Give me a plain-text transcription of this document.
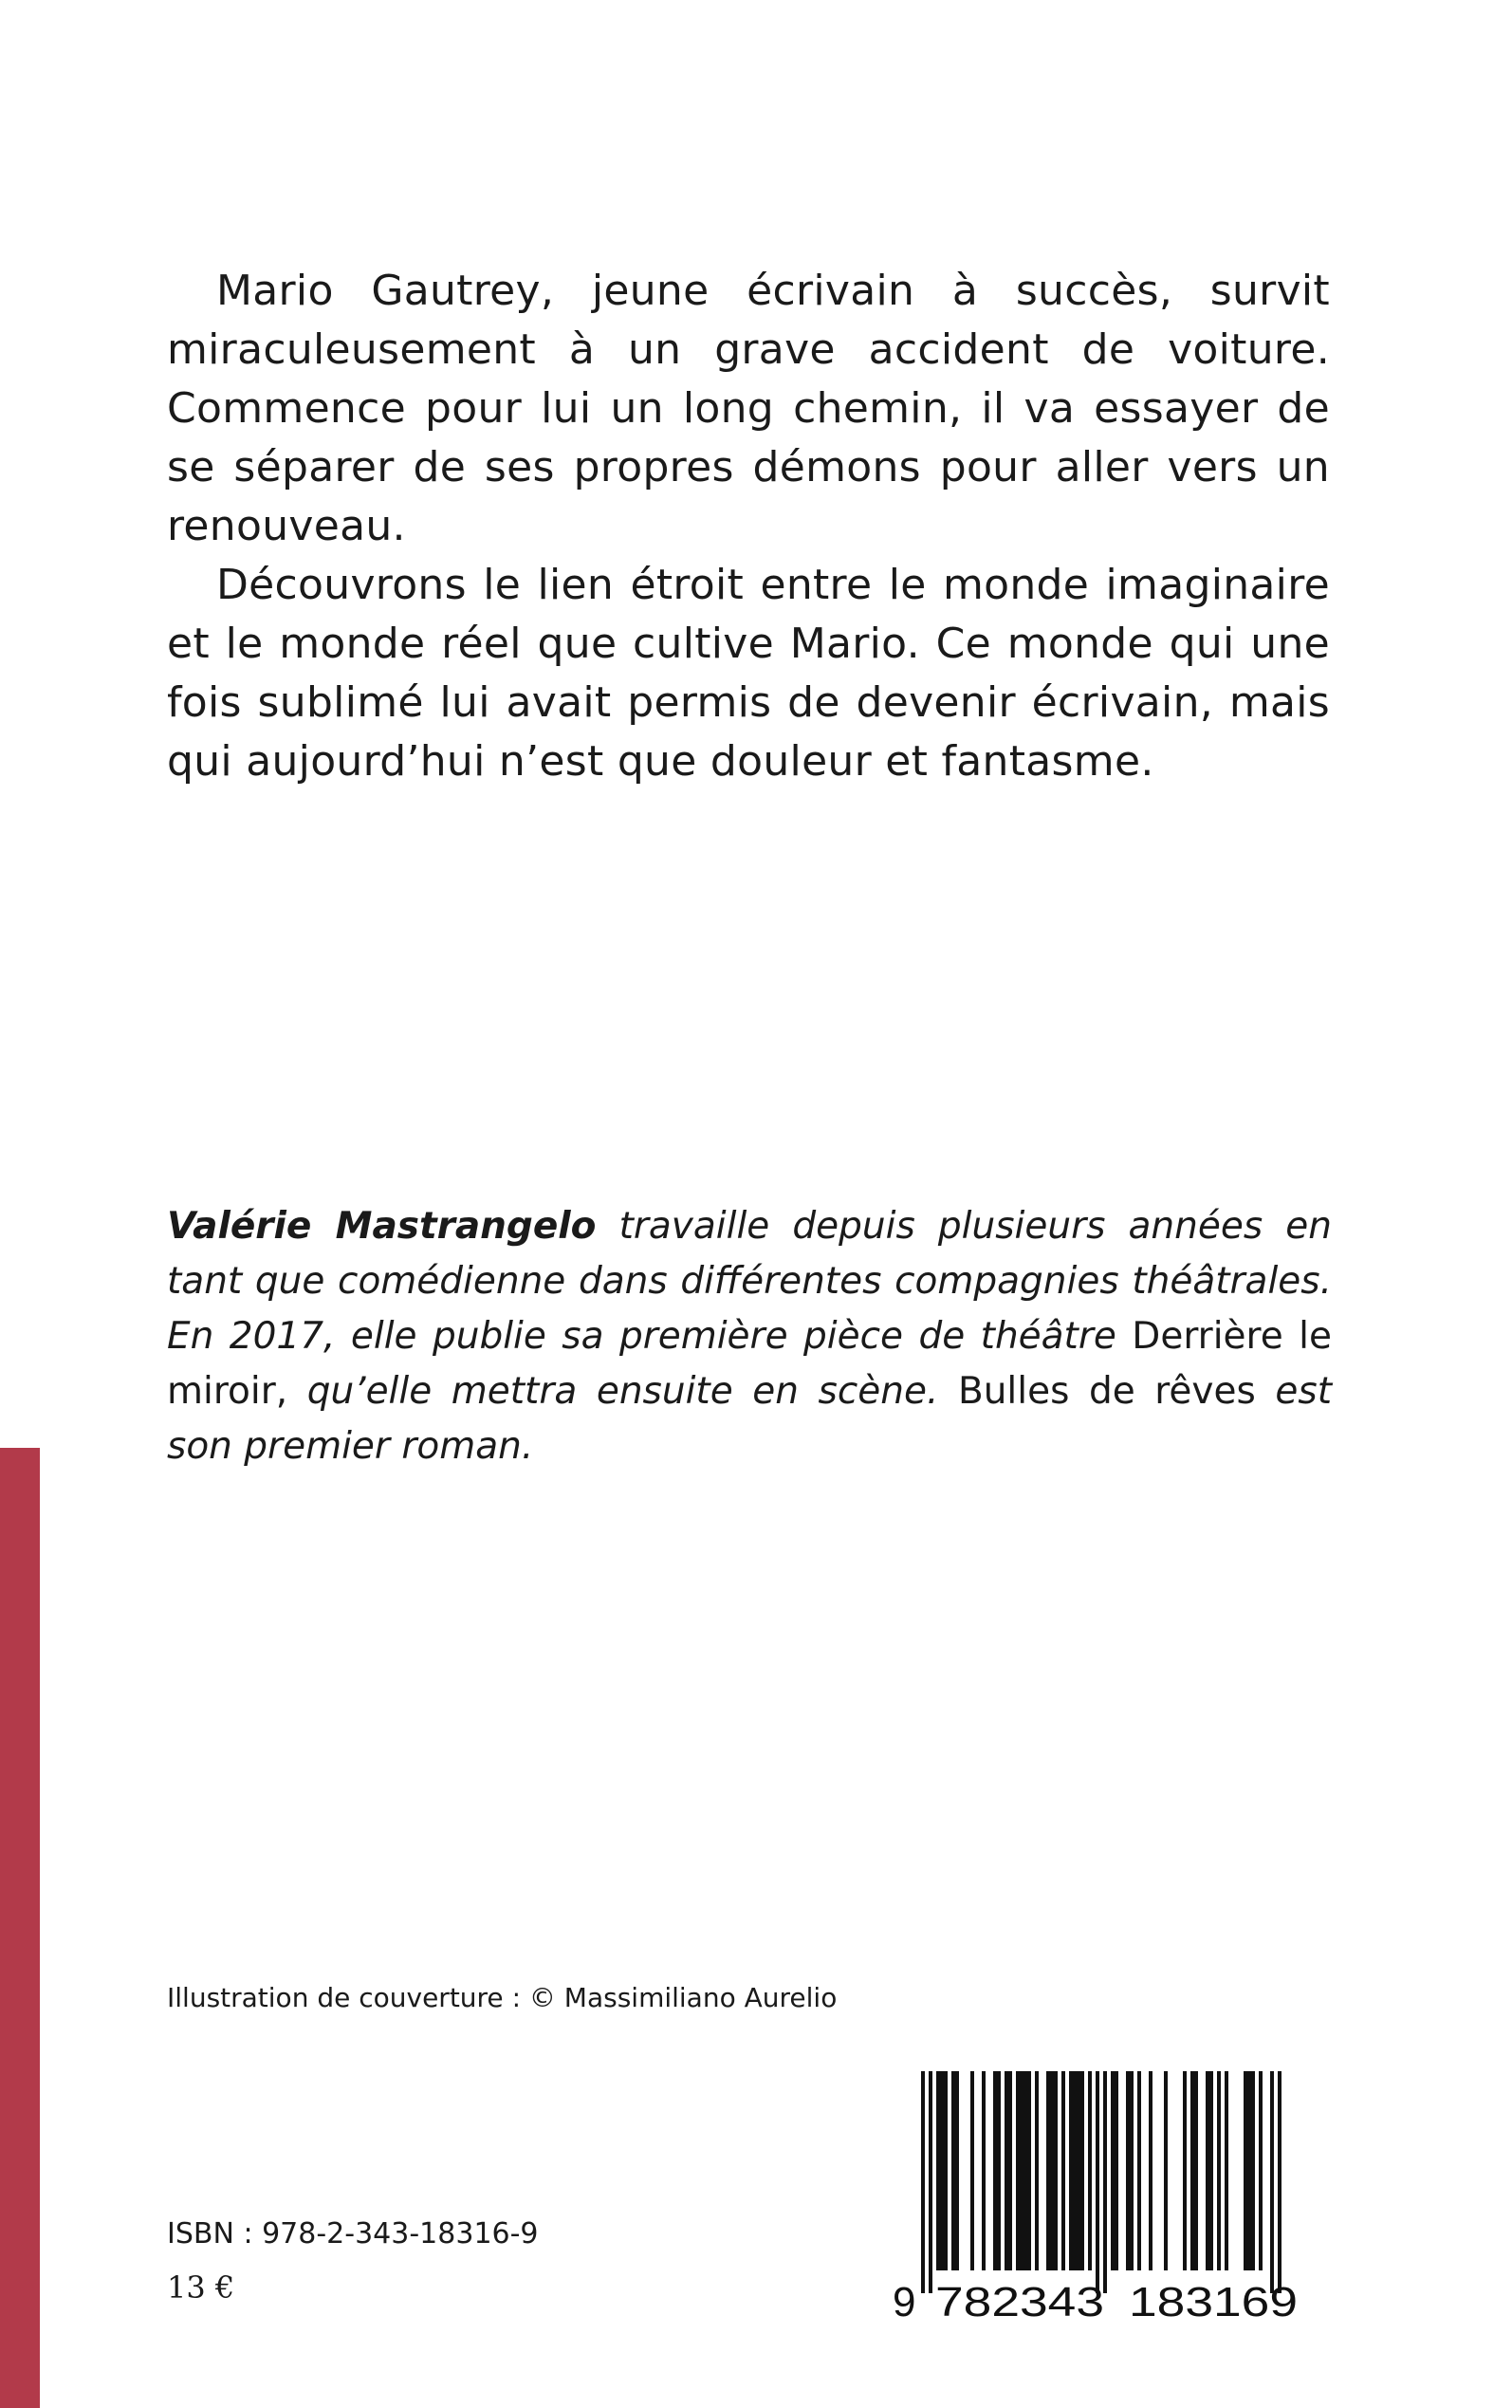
Mario Gautrey, jeune écrivain à succès, survit miraculeusement à un grave accident de voiture. Commence pour lui un long chemin, il va essayer de se séparer de ses propres démons pour aller vers un renouveau.

Découvrons le lien étroit entre le monde imaginaire et le monde réel que cultive Mario. Ce monde qui une fois sublimé lui avait permis de devenir écrivain, mais qui aujourd’hui n’est que douleur et fantasme.

Valérie Mastrangelo travaille depuis plusieurs années en tant que comédienne dans différentes compagnies théâtrales. En 2017, elle publie sa première pièce de théâtre Derrière le miroir, qu’elle mettra ensuite en scène. Bulles de rêves est son premier roman.

Illustration de couverture : © Massimiliano Aurelio
ISBN : 978-2-343-18316-9
13 €	9 782343 183169
